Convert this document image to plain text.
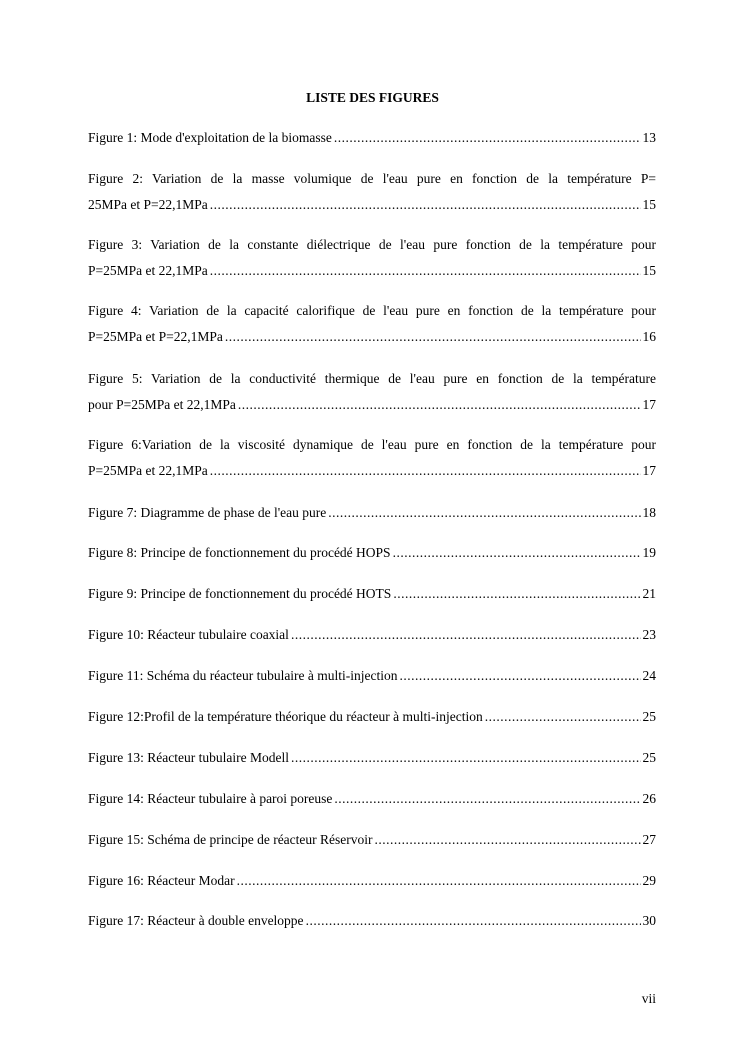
LISTE DES FIGURES
Figure 1: Mode d'exploitation de la biomasse .....	13
Figure 2: Variation de la masse volumique de l'eau pure en fonction de la température P=
25MPa et P=22,1MPa .....	15
Figure 3: Variation de la constante diélectrique de l'eau pure fonction de la température pour
P=25MPa et 22,1MPa .....	15
Figure 4: Variation de la capacité calorifique de l'eau pure en fonction de la température pour
P=25MPa et P=22,1MPa .....	16
Figure 5: Variation de la conductivité thermique de l'eau pure en fonction de la température
pour P=25MPa et 22,1MPa .....	17
Figure 6:Variation de la viscosité dynamique de l'eau pure en fonction de la température pour
P=25MPa et 22,1MPa .....	17
Figure 7: Diagramme de phase de l'eau pure .....	18
Figure 8: Principe de fonctionnement du procédé HOPS .....	19
Figure 9: Principe de fonctionnement du procédé HOTS .....	21
Figure 10: Réacteur tubulaire coaxial .....	23
Figure 11: Schéma du réacteur tubulaire à multi-injection .....	24
Figure 12:Profil de la température théorique du réacteur à multi-injection .....	25
Figure 13: Réacteur tubulaire Modell .....	25
Figure 14: Réacteur tubulaire à paroi poreuse .....	26
Figure 15: Schéma de principe de réacteur Réservoir .....	27
Figure 16: Réacteur Modar .....	29
Figure 17: Réacteur à double enveloppe .....	30
vii
